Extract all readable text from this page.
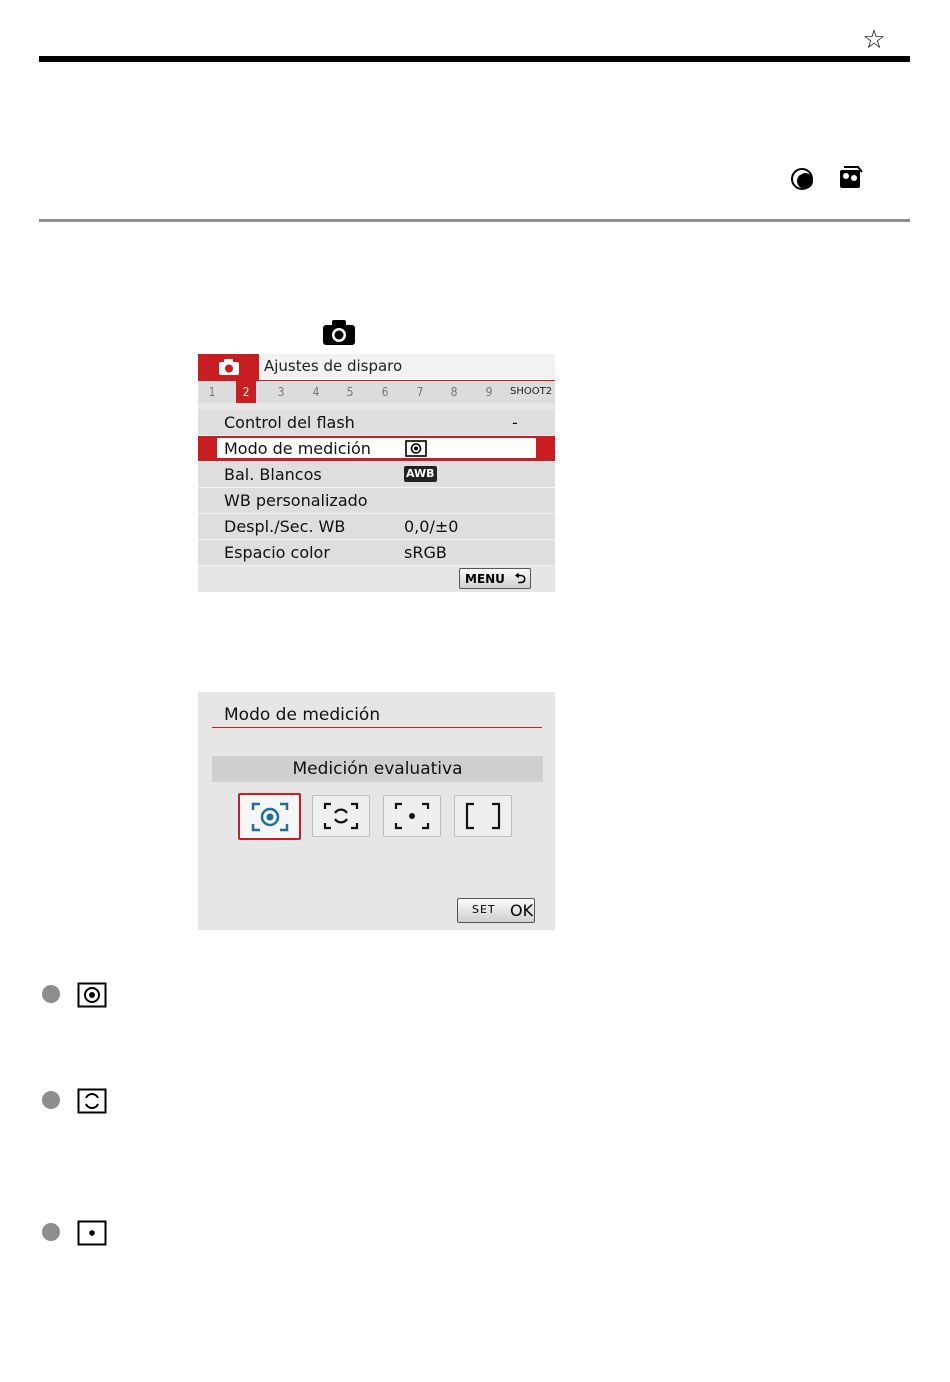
☆
Ajustes de disparo
1	2	3	4	5	6	7	8	9	SHOOT2
Control del flash	-
Modo de medición
Bal. Blancos	AWB
WB personalizado
Despl./Sec. WB	0,0/±0
Espacio color	sRGB
MENU ⮌
Modo de medición
Medición evaluativa
SET OK
